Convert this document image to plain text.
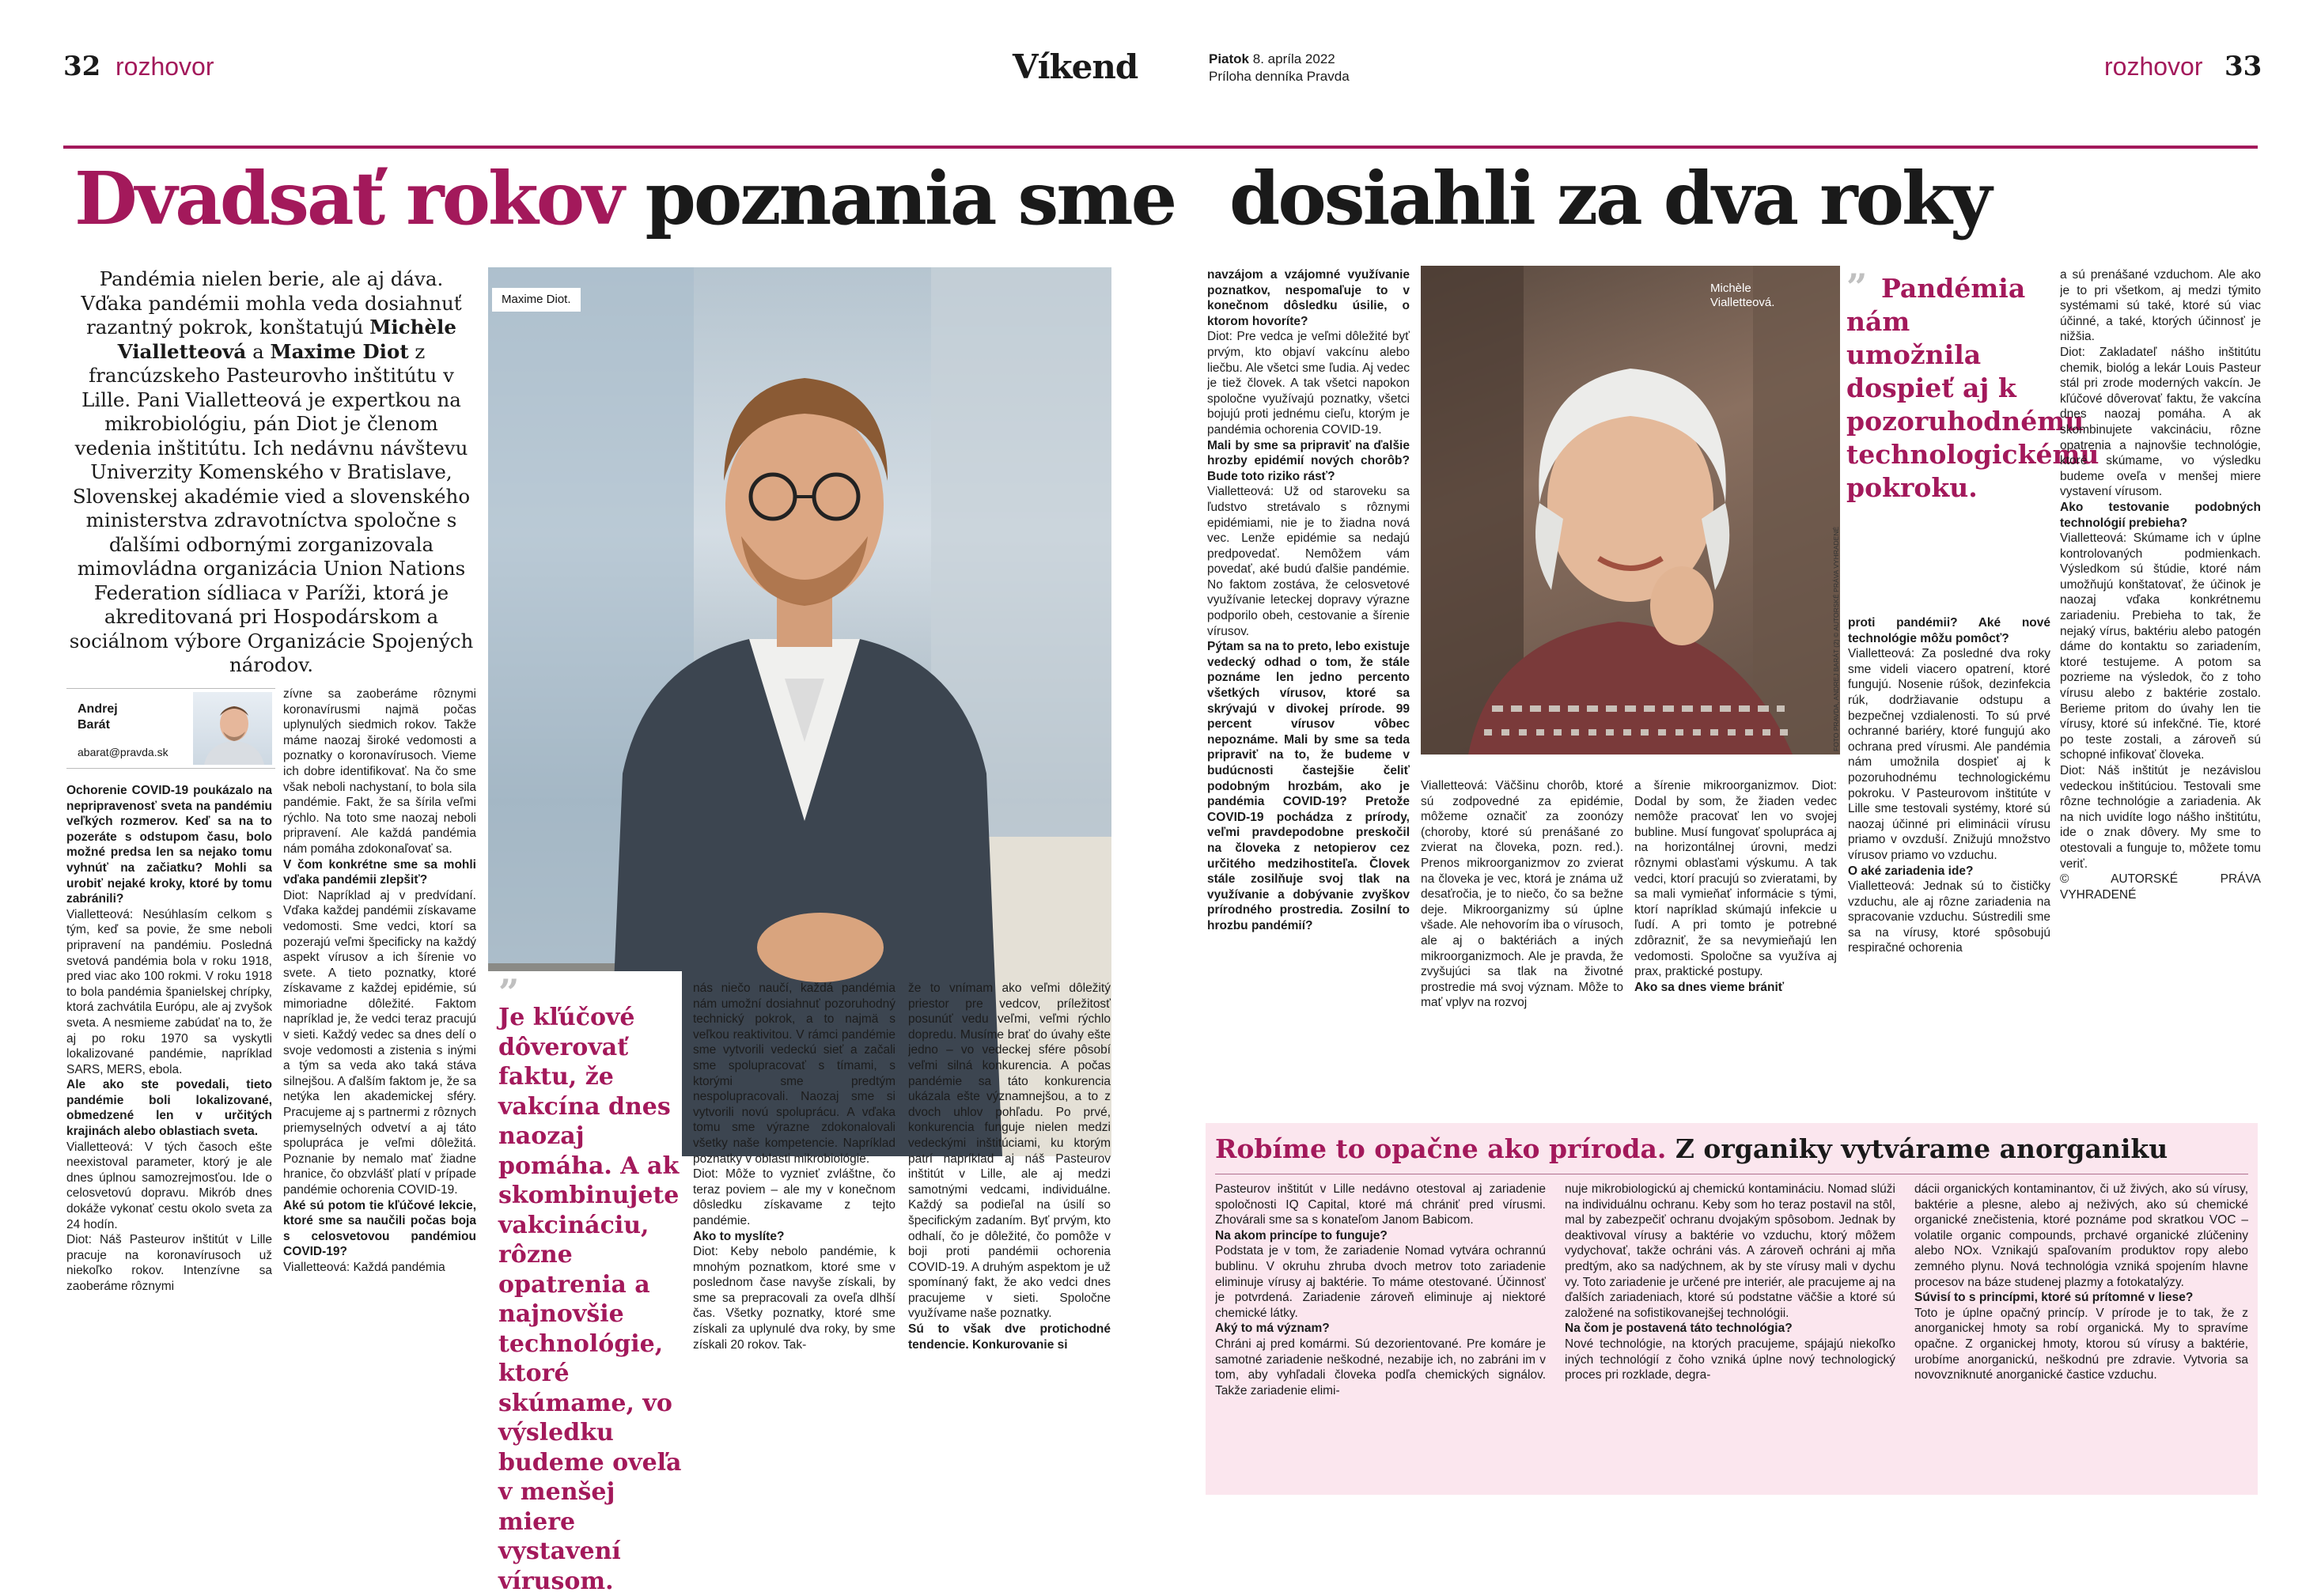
32 rozhovor	Víkend	Piatok 8. apríla 2022
Príloha denníka Pravda	rozhovor 33
Dvadsať rokov poznania sme dosiahli za dva roky
Pandémia nielen berie, ale aj dáva. Vďaka pandémii mohla veda dosiahnuť razantný pokrok, konštatujú Michèle Vialletteová a Maxime Diot z francúzskeho Pasteurovho inštitútu v Lille. Pani Vialletteová je expertkou na mikrobiológiu, pán Diot je členom vedenia inštitútu. Ich nedávnu návštevu Univerzity Komenského v Bratislave, Slovenskej akadémie vied a slovenského ministerstva zdravotníctva spoločne s ďalšími odbornými zorganizovala mimovládna organizácia Union Nations Federation sídliaca v Paríži, ktorá je akreditovaná pri Hospodárskom a sociálnom výbore Organizácie Spojených národov.
Andrej
Barát
abarat@pravda.sk
Maxime Diot.
”
Je kľúčové dôverovať faktu, že vakcína dnes naozaj pomáha. A ak skombinujete vakcináciu, rôzne opatrenia a najnovšie technológie, ktoré skúmame, vo výsledku budeme oveľa v menšej miere vystavení vírusom.

Ochorenie COVID-19 poukázalo na nepripravenosť sveta na pandémiu veľkých rozmerov. Keď sa na to pozeráte s odstupom času, bolo možné predsa len sa nejako tomu vyhnúť na začiatku? Mohli sa urobiť nejaké kroky, ktoré by tomu zabránili?

Vialletteová: Nesúhlasím celkom s tým, keď sa povie, že sme neboli pripravení na pandémiu. Posledná svetová pandémia bola v roku 1918, pred viac ako 100 rokmi. V roku 1918 to bola pandémia španielskej chrípky, ktorá zachvátila Európu, ale aj zvyšok sveta. A nesmieme zabúdať na to, že aj po roku 1970 sa vyskytli lokalizované pandémie, napríklad SARS, MERS, ebola.

Ale ako ste povedali, tieto pandémie boli lokalizované, obmedzené len v určitých krajinách alebo oblastiach sveta.

Vialletteová: V tých časoch ešte neexistoval parameter, ktorý je ale dnes úplnou samozrejmosťou. Ide o celosvetovú dopravu. Mikrób dnes dokáže vykonať cestu okolo sveta za 24 hodín.

Diot: Náš Pasteurov inštitút v Lille pracuje na koronavírusoch už niekoľko rokov. Intenzívne sa zaoberáme rôznymi

zívne sa zaoberáme rôznymi koronavírusmi najmä počas uplynulých siedmich rokov. Takže máme naozaj široké vedomosti a poznatky o koronavírusoch. Vieme ich dobre identifikovať. Na čo sme však neboli nachystaní, to bola sila pandémie. Fakt, že sa šírila veľmi rýchlo. Na toto sme naozaj neboli pripravení. Ale každá pandémia nám pomáha zdokonaľovať sa.

V čom konkrétne sme sa mohli vďaka pandémii zlepšiť?

Diot: Napríklad aj v predvídaní. Vďaka každej pandémii získavame vedomosti. Sme vedci, ktorí sa pozerajú veľmi špecificky na každý aspekt vírusov a ich šírenie vo svete. A tieto poznatky, ktoré získavame z každej epidémie, sú mimoriadne dôležité. Faktom napríklad je, že vedci teraz pracujú v sieti. Každý vedec sa dnes delí o svoje vedomosti a zistenia s inými a tým sa veda ako taká stáva silnejšou. A ďalším faktom je, že sa netýka len akademickej sféry. Pracujeme aj s partnermi z rôznych priemyselných odvetví a aj táto spolupráca je veľmi dôležitá. Poznanie by nemalo mať žiadne hranice, čo obzvlášť platí v prípade pandémie ochorenia COVID-19.

Aké sú potom tie kľúčové lekcie, ktoré sme sa naučili počas boja s celosvetovou pandémiou COVID-19?

Vialletteová: Každá pandémia

nás niečo naučí, každá pandémia nám umožní dosiahnuť pozoruhodný technický pokrok, a to najmä s veľkou reaktivitou. V rámci pandémie sme vytvorili vedeckú sieť a začali sme spolupracovať s tímami, s ktorými sme predtým nespolupracovali. Naozaj sme si vytvorili novú spoluprácu. A vďaka tomu sme výrazne zdokonalovali všetky naše kompetencie. Napríklad poznatky v oblasti mikrobiológie.

Diot: Môže to vyznieť zvláštne, čo teraz poviem – ale my v konečnom dôsledku získavame z tejto pandémie.

Ako to myslíte?

Diot: Keby nebolo pandémie, k mnohým poznatkom, ktoré sme v poslednom čase navyše získali, by sme sa prepracovali za oveľa dlhší čas. Všetky poznatky, ktoré sme získali za uplynulé dva roky, by sme získali 20 rokov. Tak-

že to vnímam ako veľmi dôležitý priestor pre vedcov, príležitosť posunúť vedu veľmi, veľmi rýchlo dopredu. Musíme brať do úvahy ešte jedno – vo vedeckej sfére pôsobí veľmi silná konkurencia. A počas pandémie sa táto konkurencia ukázala ešte významnejšou, a to z dvoch uhlov pohľadu. Po prvé, konkurencia funguje nielen medzi vedeckými inštitúciami, ku ktorým patrí napríklad aj náš Pasteurov inštitút v Lille, ale aj medzi samotnými vedcami, individuálne. Každý sa podieľal na úsilí so špecifickým zadaním. Byť prvým, kto odhalí, čo je dôležité, čo pomôže v boji proti pandémii ochorenia COVID-19. A druhým aspektom je už spomínaný fakt, že ako vedci dnes pracujeme v sieti. Spoločne využívame naše poznatky.

Sú to však dve protichodné tendencie. Konkurovanie si

navzájom a vzájomné využívanie poznatkov, nespomaľuje to v konečnom dôsledku úsilie, o ktorom hovoríte?

Diot: Pre vedca je veľmi dôležité byť prvým, kto objaví vakcínu alebo liečbu. Ale všetci sme ľudia. Aj vedec je tiež človek. A tak všetci napokon spoločne využívajú poznatky, všetci bojujú proti jednému cieľu, ktorým je pandémia ochorenia COVID-19.

Mali by sme sa pripraviť na ďalšie hrozby epidémií nových chorôb? Bude toto riziko rásť?

Vialletteová: Už od staroveku sa ľudstvo stretávalo s rôznymi epidémiami, nie je to žiadna nová vec. Lenže epidémie sa nedajú predpovedať. Nemôžem vám povedať, aké budú ďalšie pandémie. No faktom zostáva, že celosvetové využívanie leteckej dopravy výrazne podporilo obeh, cestovanie a šírenie vírusov.

Pýtam sa na to preto, lebo existuje vedecký odhad o tom, že stále poznáme len jedno percento všetkých vírusov, ktoré sa skrývajú v divokej prírode. 99 percent vírusov vôbec nepoznáme. Mali by sme sa teda pripraviť na to, že budeme v budúcnosti častejšie čeliť podobným hrozbám, ako je pandémia COVID-19? Pretože COVID-19 pochádza z prírody, veľmi pravdepodobne preskočil na človeka z netopierov cez určitého medzihostiteľa. Človek stále zosilňuje svoj tlak na využívanie a dobývanie zvyškov prírodného prostredia. Zosilní to hrozbu pandémií?

Michèle
Vialletteová.
FOTO PRAVDA, ANDREJ BARÁT (2) © AUTORSKÉ PRÁVA VYHRADENÉ
” Pandémia nám umožnila dospieť aj k pozoruhodnému technologickému pokroku.

Vialletteová: Väčšinu chorôb, ktoré sú zodpovedné za epidémie, môžeme označiť za zoonózy (choroby, ktoré sú prenášané zo zvierat na človeka, pozn. red.). Prenos mikroorganizmov zo zvierat na človeka je vec, ktorá je známa už desaťročia, je to niečo, čo sa bežne deje. Mikroorganizmy sú úplne všade. Ale nehovorím iba o vírusoch, ale aj o baktériách a iných mikroorganizmoch. Ale je pravda, že zvyšujúci sa tlak na životné prostredie má svoj význam. Môže to mať vplyv na rozvoj

a šírenie mikroorganizmov. Diot: Dodal by som, že žiaden vedec nemôže pracovať len vo svojej bubline. Musí fungovať spolupráca aj na horizontálnej úrovni, medzi rôznymi oblasťami výskumu. A tak vedci, ktorí pracujú so zvieratami, by sa mali vymieňať informácie s tými, ktorí napríklad skúmajú infekcie u ľudí. A pri tomto je potrebné zdôrazniť, že sa nevymieňajú len vedomosti. Spoločne sa využíva aj prax, praktické postupy.

Ako sa dnes vieme brániť

proti pandémii? Aké nové technológie môžu pomôcť?

Vialletteová: Za posledné dva roky sme videli viacero opatrení, ktoré fungujú. Nosenie rúšok, dezinfekcia rúk, dodržiavanie odstupu a bezpečnej vzdialenosti. To sú prvé ochranné bariéry, ktoré fungujú ako ochrana pred vírusmi. Ale pandémia nám umožnila dospieť aj k pozoruhodnému technologickému pokroku. V Pasteurovom inštitúte v Lille sme testovali systémy, ktoré sú naozaj účinné pri eliminácii vírusu priamo v ovzduší. Znižujú množstvo vírusov priamo vo vzduchu.

O aké zariadenia ide?

Vialletteová: Jednak sú to čističky vzduchu, ale aj rôzne zariadenia na spracovanie vzduchu. Sústredili sme sa na vírusy, ktoré spôsobujú respiračné ochorenia

a sú prenášané vzduchom. Ale ako je to pri všetkom, aj medzi týmito systémami sú také, ktoré sú viac účinné, a také, ktorých účinnosť je nižšia.

Diot: Zakladateľ nášho inštitútu chemik, biológ a lekár Louis Pasteur stál pri zrode moderných vakcín. Je kľúčové dôverovať faktu, že vakcína dnes naozaj pomáha. A ak skombinujete vakcináciu, rôzne opatrenia a najnovšie technológie, ktoré skúmame, vo výsledku budeme oveľa v menšej miere vystavení vírusom.

Ako testovanie podobných technológií prebieha?

Vialletteová: Skúmame ich v úplne kontrolovaných podmienkach. Výsledkom sú štúdie, ktoré nám umožňujú konštatovať, že účinok je naozaj vďaka konkrétnemu zariadeniu. Prebieha to tak, že nejaký vírus, baktériu alebo patogén dáme do kontaktu so zariadením, ktoré testujeme. A potom sa pozrieme na výsledok, čo z toho vírusu alebo z baktérie zostalo. Berieme pritom do úvahy len tie vírusy, ktoré sú infekčné. Tie, ktoré po teste zostali, a zároveň sú schopné infikovať človeka.

Diot: Náš inštitút je nezávislou vedeckou inštitúciou. Testovali sme rôzne technológie a zariadenia. Ak na nich uvidíte logo nášho inštitútu, ide o znak dôvery. My sme to otestovali a funguje to, môžete tomu veriť.

© AUTORSKÉ PRÁVA VYHRADENÉ

Robíme to opačne ako príroda. Z organiky vytvárame anorganiku

Pasteurov inštitút v Lille nedávno otestoval aj zariadenie spoločnosti IQ Capital, ktoré má chrániť pred vírusmi. Zhovárali sme sa s konateľom Janom Babicom.

Na akom princípe to funguje?

Podstata je v tom, že zariadenie Nomad vytvára ochrannú bublinu. V okruhu zhruba dvoch metrov toto zariadenie eliminuje vírusy aj baktérie. To máme otestované. Účinnosť je potvrdená. Zariadenie zároveň eliminuje aj niektoré chemické látky.

Aký to má význam?

Chráni aj pred komármi. Sú dezorientované. Pre komáre je samotné zariadenie neškodné, nezabije ich, no zabráni im v tom, aby vyhľadali človeka podľa chemických signálov. Takže zariadenie elimi-

nuje mikrobiologickú aj chemickú kontamináciu. Nomad slúži na individuálnu ochranu. Keby som ho teraz postavil na stôl, mal by zabezpečiť ochranu dvojakým spôsobom. Jednak by deaktivoval vírusy a baktérie vo vzduchu, ktorý môžem vydychovať, takže ochráni vás. A zároveň ochráni aj mňa predtým, ako sa nadýchnem, ak by ste vírusy mali v dychu vy. Toto zariadenie je určené pre interiér, ale pracujeme aj na ďalších zariadeniach, ktoré sú podstatne väčšie a ktoré sú založené na sofistikovanejšej technológii.

Na čom je postavená táto technológia?

Nové technológie, na ktorých pracujeme, spájajú niekoľko iných technológií z čoho vzniká úplne nový technologický proces pri rozklade, degra-

dácii organických kontaminantov, či už živých, ako sú vírusy, baktérie a plesne, alebo aj neživých, ako sú chemické organické znečistenia, ktoré poznáme pod skratkou VOC – volatile organic compounds, prchavé organické zlúčeniny alebo NOx. Vznikajú spaľovaním produktov ropy alebo zemného plynu. Nová technológia vzniká spojením hlavne procesov na báze studenej plazmy a fotokatalýzy.

Súvisí to s princípmi, ktoré sú prítomné v liese?

Toto je úplne opačný princíp. V prírode je to tak, že z anorganickej hmoty sa robí organická. My to spravíme opačne. Z organickej hmoty, ktorou sú vírusy a baktérie, urobíme anorganickú, neškodnú pre zdravie. Vytvoria sa novovzniknuté anorganické častice vzduchu.
